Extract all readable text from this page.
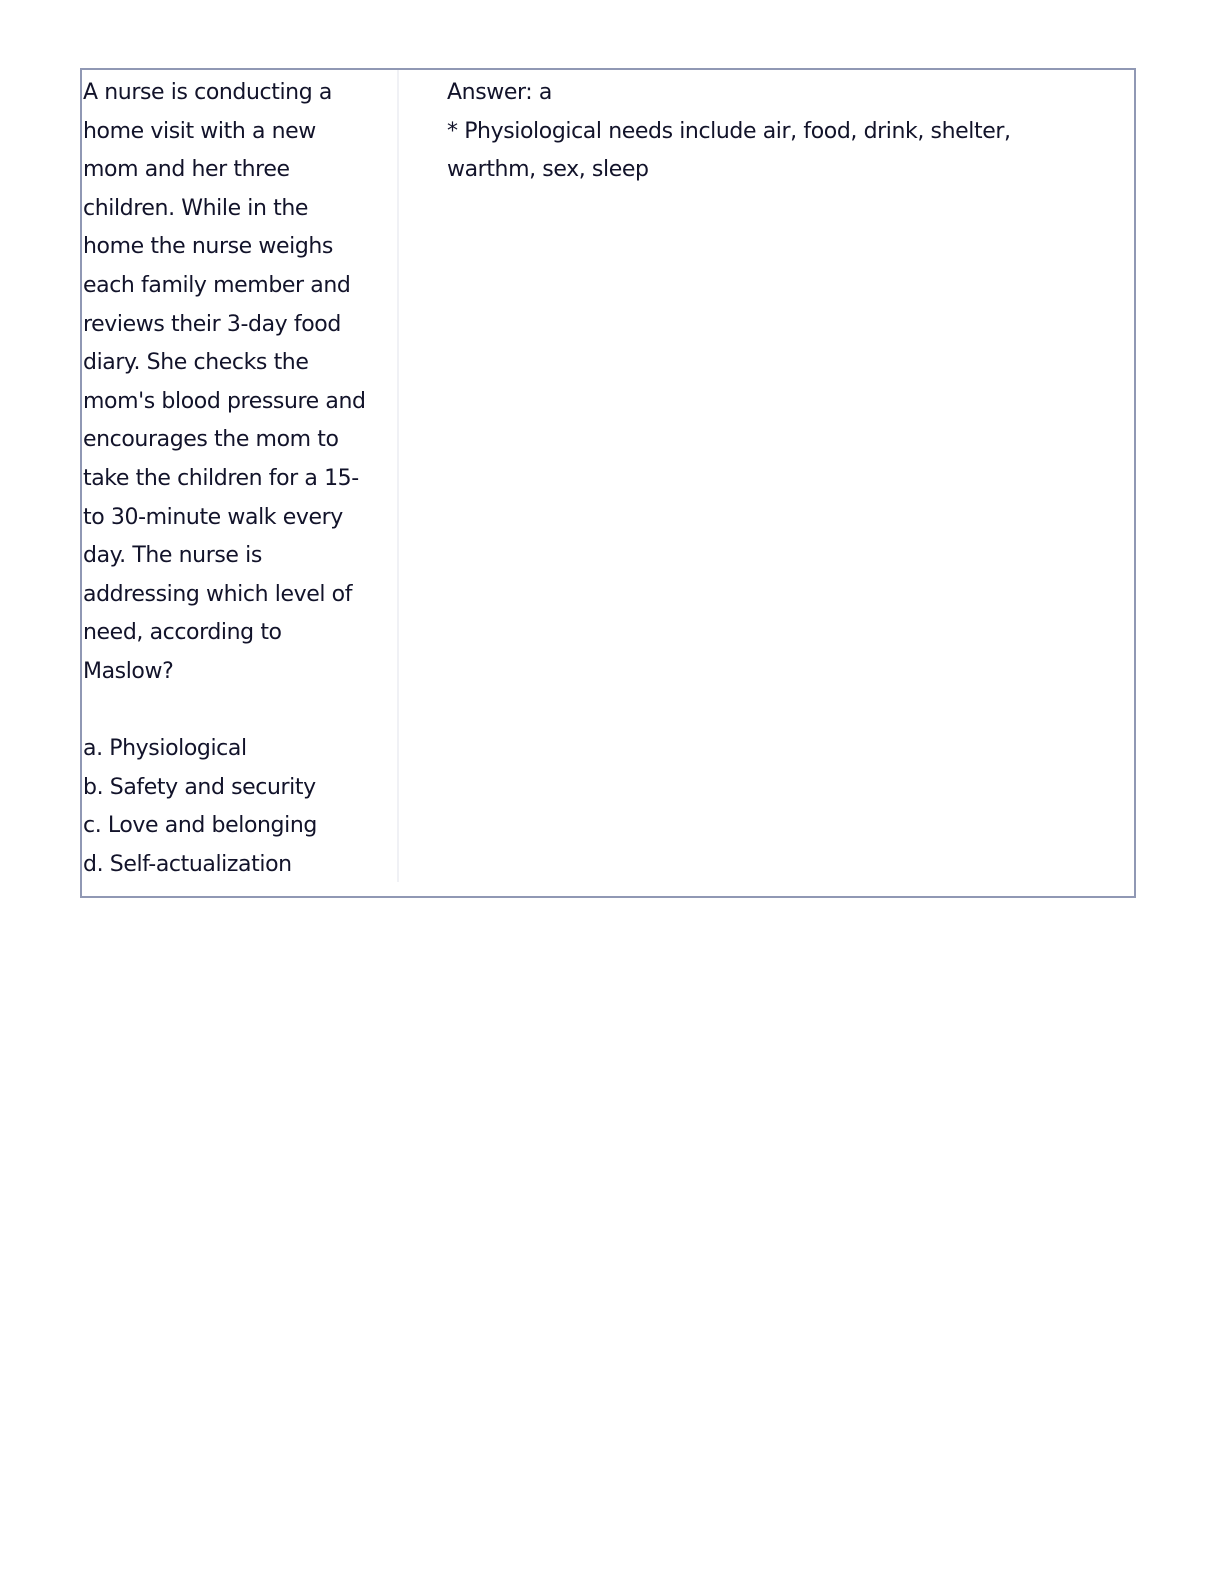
A nurse is conducting a
home visit with a new
mom and her three
children. While in the
home the nurse weighs
each family member and
reviews their 3-day food
diary. She checks the
mom's blood pressure and
encourages the mom to
take the children for a 15-
to 30-minute walk every
day. The nurse is
addressing which level of
need, according to
Maslow?
a. Physiological
b. Safety and security
c. Love and belonging
d. Self-actualization
Answer: a
* Physiological needs include air, food, drink, shelter,
warthm, sex, sleep
